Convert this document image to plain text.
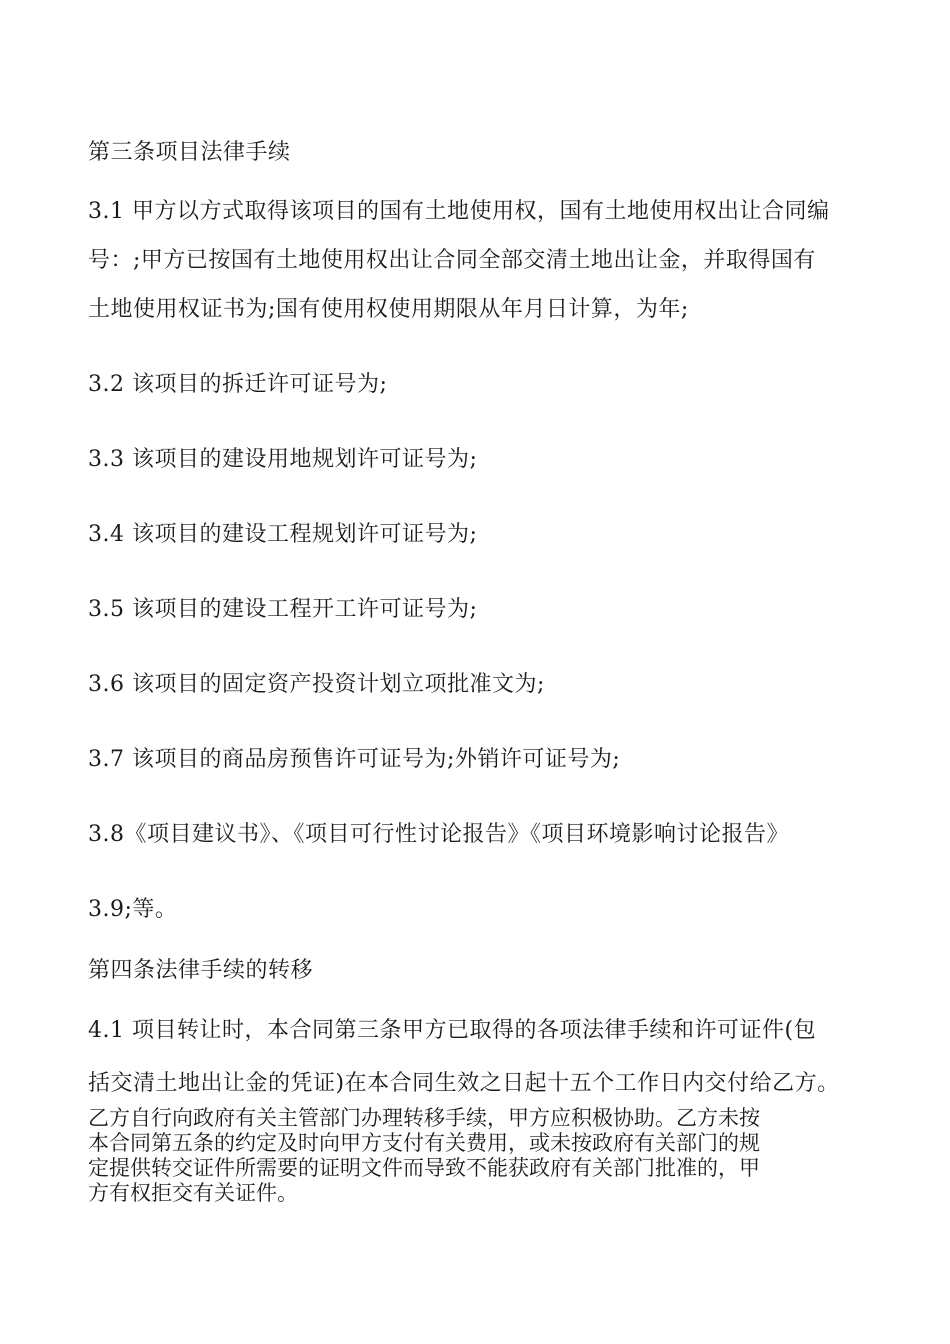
第三条项目法律手续
3.1 甲方以方式取得该项目的国有土地使用权，国有土地使用权出让合同编
号：;甲方已按国有土地使用权出让合同全部交清土地出让金，并取得国有
土地使用权证书为;国有使用权使用期限从年月日计算，为年;
3.2 该项目的拆迁许可证号为;
3.3 该项目的建设用地规划许可证号为;
3.4 该项目的建设工程规划许可证号为;
3.5 该项目的建设工程开工许可证号为;
3.6 该项目的固定资产投资计划立项批准文为;
3.7 该项目的商品房预售许可证号为;外销许可证号为;
3.8《项目建议书》、《项目可行性讨论报告》《项目环境影响讨论报告》
3.9;等。
第四条法律手续的转移
4.1 项目转让时，本合同第三条甲方已取得的各项法律手续和许可证件(包
括交清土地出让金的凭证)在本合同生效之日起十五个工作日内交付给乙方。
乙方自行向政府有关主管部门办理转移手续，甲方应积极协助。乙方未按
本合同第五条的约定及时向甲方支付有关费用，或未按政府有关部门的规
定提供转交证件所需要的证明文件而导致不能获政府有关部门批准的，甲
方有权拒交有关证件。
